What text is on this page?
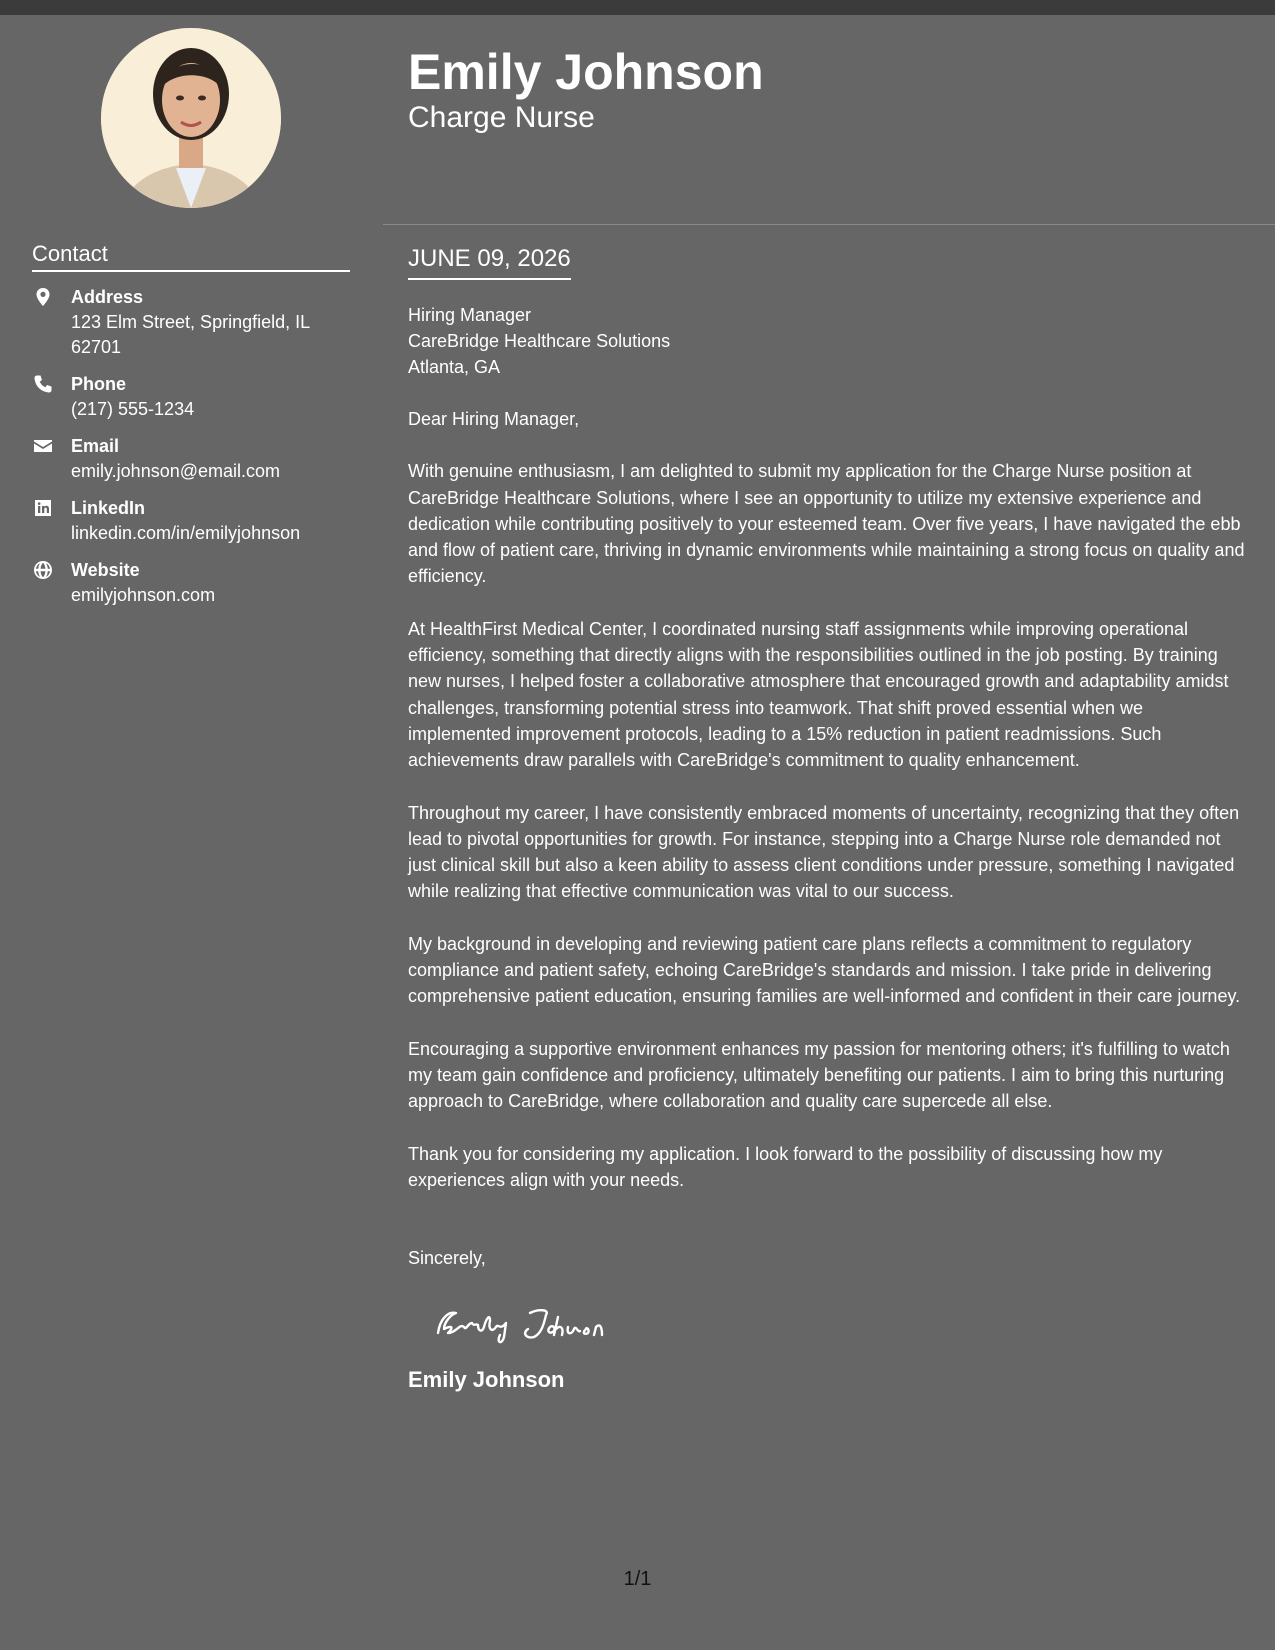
Contact
Address
123 Elm Street, Springfield, IL 62701
Phone
(217) 555-1234
Email
emily.johnson@email.com
LinkedIn
linkedin.com/in/emilyjohnson
Website
emilyjohnson.com
Emily Johnson
Charge Nurse
JUNE 09, 2026
Hiring Manager
CareBridge Healthcare Solutions
Atlanta, GA

Dear Hiring Manager,

With genuine enthusiasm, I am delighted to submit my application for the Charge Nurse position at CareBridge Healthcare Solutions, where I see an opportunity to utilize my extensive experience and dedication while contributing positively to your esteemed team. Over five years, I have navigated the ebb and flow of patient care, thriving in dynamic environments while maintaining a strong focus on quality and efficiency.

At HealthFirst Medical Center, I coordinated nursing staff assignments while improving operational efficiency, something that directly aligns with the responsibilities outlined in the job posting. By training new nurses, I helped foster a collaborative atmosphere that encouraged growth and adaptability amidst challenges, transforming potential stress into teamwork. That shift proved essential when we implemented improvement protocols, leading to a 15% reduction in patient readmissions. Such achievements draw parallels with CareBridge's commitment to quality enhancement.

Throughout my career, I have consistently embraced moments of uncertainty, recognizing that they often lead to pivotal opportunities for growth. For instance, stepping into a Charge Nurse role demanded not just clinical skill but also a keen ability to assess client conditions under pressure, something I navigated while realizing that effective communication was vital to our success.

My background in developing and reviewing patient care plans reflects a commitment to regulatory compliance and patient safety, echoing CareBridge's standards and mission. I take pride in delivering comprehensive patient education, ensuring families are well-informed and confident in their care journey.

Encouraging a supportive environment enhances my passion for mentoring others; it's fulfilling to watch my team gain confidence and proficiency, ultimately benefiting our patients. I aim to bring this nurturing approach to CareBridge, where collaboration and quality care supercede all else.

Thank you for considering my application. I look forward to the possibility of discussing how my experiences align with your needs.

Sincerely,
Emily Johnson
1/1
